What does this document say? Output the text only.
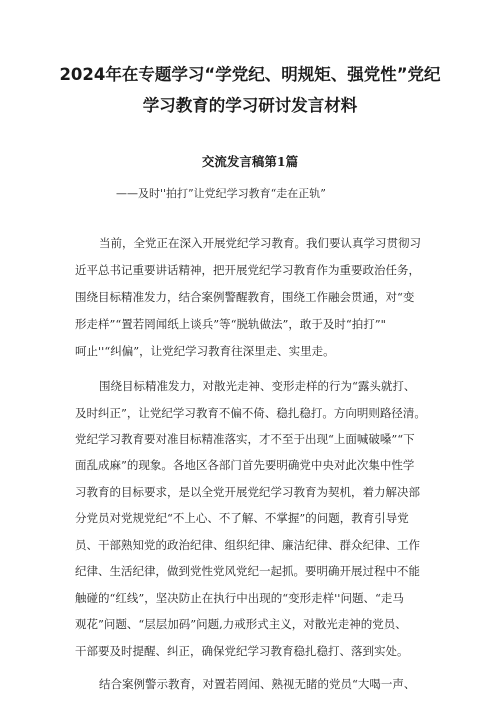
2024年在专题学习“学党纪、明规矩、强党性”党纪
学习教育的学习研讨发言材料
交流发言稿第1篇
——及时''拍打”让党纪学习教育“走在正轨”
当前，全党正在深入开展党纪学习教育。我们要认真学习贯彻习
近平总书记重要讲话精神，把开展党纪学习教育作为重要政治任务，
围绕目标精准发力，结合案例警醒教育，围绕工作融会贯通，对“变
形走样”“置若罔闻纸上谈兵”等“脱轨做法”，敢于及时“拍打”"
呵止''“纠偏”，让党纪学习教育往深里走、实里走。
围绕目标精准发力，对散光走神、变形走样的行为“露头就打、
及时纠正”，让党纪学习教育不偏不倚、稳扎稳打。方向明则路径清。
党纪学习教育要对准目标精准落实，才不至于出现“上面喊破嗓”“下
面乱成麻”的现象。各地区各部门首先要明确党中央对此次集中性学
习教育的目标要求，是以全党开展党纪学习教育为契机，着力解决部
分党员对党规党纪“不上心、不了解、不掌握”的问题，教育引导党
员、干部熟知党的政治纪律、组织纪律、廉洁纪律、群众纪律、工作
纪律、生活纪律，做到党性党风党纪一起抓。要明确开展过程中不能
触碰的“红线”，坚决防止在执行中出现的“变形走样''问题、“走马
观花”问题、“层层加码”问题,力戒形式主义，对散光走神的党员、
干部要及时提醒、纠正，确保党纪学习教育稳扎稳打、落到实处。
结合案例警示教育，对置若罔闻、熟视无睹的党员“大喝一声、
